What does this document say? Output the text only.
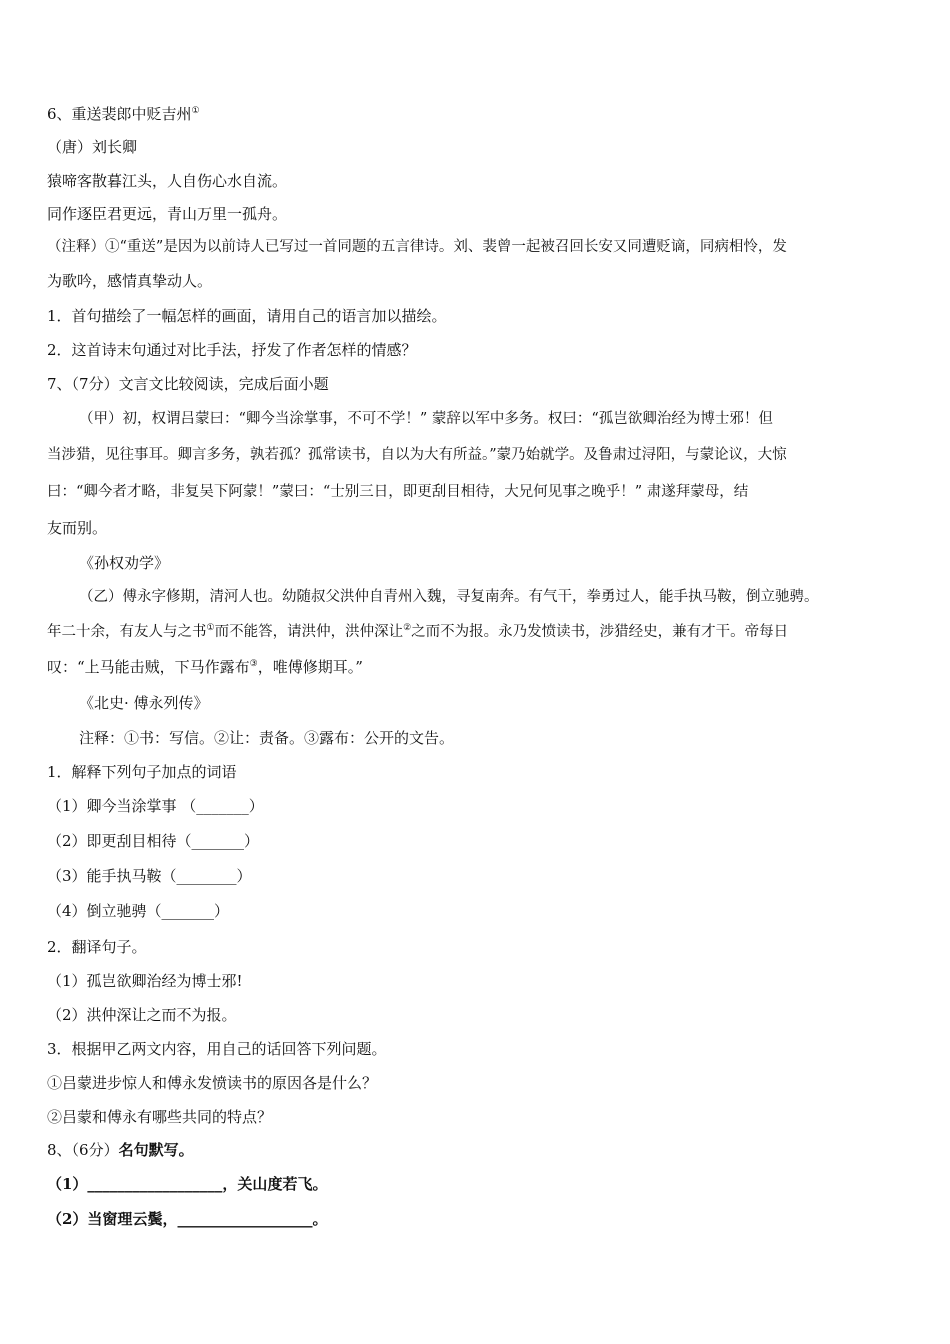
6、重送裴郎中贬吉州①
（唐）刘长卿
猿啼客散暮江头，人自伤心水自流。
同作逐臣君更远，青山万里一孤舟。
（注释）①“重送”是因为以前诗人已写过一首同题的五言律诗。刘、裴曾一起被召回长安又同遭贬谪，同病相怜，发
为歌吟，感情真挚动人。
1．首句描绘了一幅怎样的画面，请用自己的语言加以描绘。
2．这首诗末句通过对比手法，抒发了作者怎样的情感？
7、（7分）文言文比较阅读，完成后面小题
（甲）初，权谓吕蒙曰：“卿今当涂掌事，不可不学！” 蒙辞以军中多务。权曰：“孤岂欲卿治经为博士邪！但
当涉猎，见往事耳。卿言多务，孰若孤？孤常读书，自以为大有所益。”蒙乃始就学。及鲁肃过浔阳，与蒙论议，大惊
曰：“卿今者才略，非复吴下阿蒙！”蒙曰：“士别三日，即更刮目相待，大兄何见事之晚乎！” 肃遂拜蒙母，结
友而别。
《孙权劝学》
（乙）傅永字修期，清河人也。幼随叔父洪仲自青州入魏，寻复南奔。有气干，拳勇过人，能手执马鞍，倒立驰骋。
年二十余，有友人与之书①而不能答，请洪仲，洪仲深让②之而不为报。永乃发愤读书，涉猎经史，兼有才干。帝每日
叹：“上马能击贼，下马作露布③，唯傅修期耳。”
《北史· 傅永列传》
注释：①书：写信。②让：责备。③露布：公开的文告。
1．解释下列句子加点的词语
（1）卿今当涂掌事 （_______）
（2）即更刮目相待（_______）
（3）能手执马鞍（________）
（4）倒立驰骋（_______）
2．翻译句子。
（1）孤岂欲卿治经为博士邪!
（2）洪仲深让之而不为报。
3．根据甲乙两文内容，用自己的话回答下列问题。
①吕蒙进步惊人和傅永发愤读书的原因各是什么？
②吕蒙和傅永有哪些共同的特点？
8、（6分）名句默写。
（1）__________________，关山度若飞。
（2）当窗理云鬓，__________________。
